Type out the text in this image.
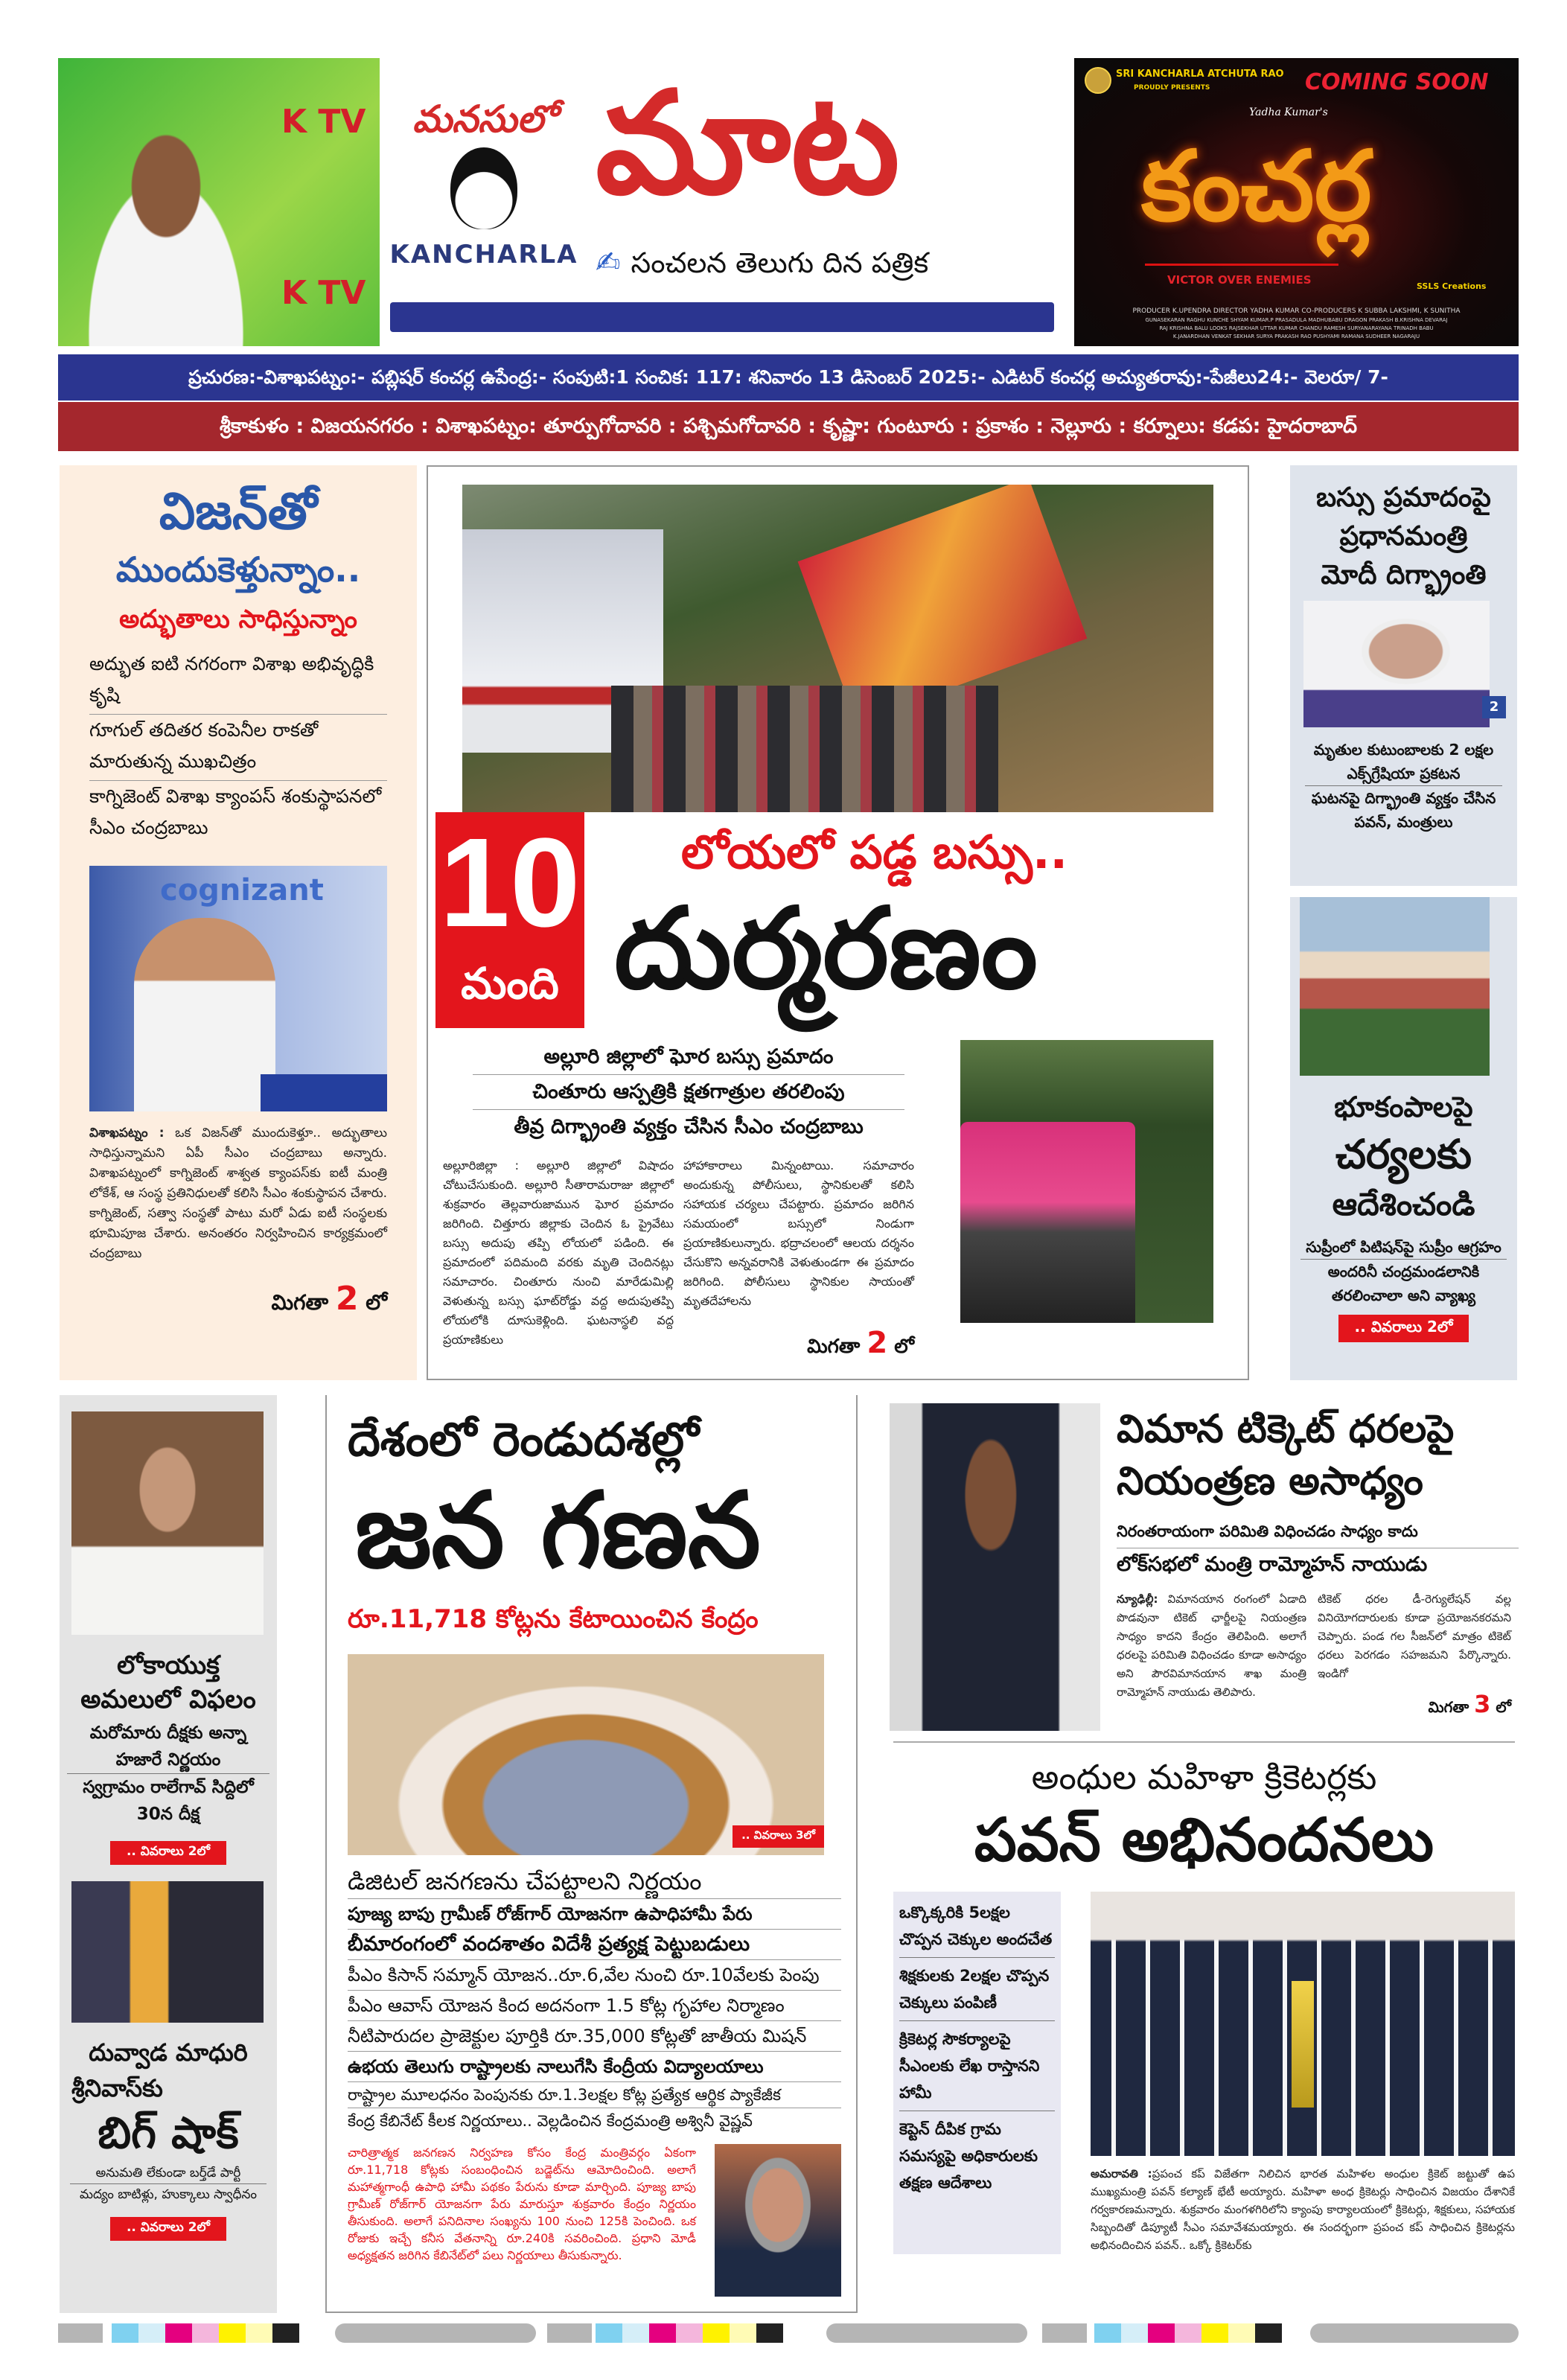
K TV
K TV
మనసులో
KANCHARLA
మాట
✍ సంచలన తెలుగు దిన పత్రిక
SRI KANCHARLA ATCHUTA RAO
PROUDLY PRESENTS	COMING SOON
Yadha Kumar's
కంచర్ల
VICTOR OVER ENEMIES	SSLS Creations
PRODUCER K.UPENDRA DIRECTOR YADHA KUMAR CO-PRODUCERS K SUBBA LAKSHMI, K SUNITHA
GUNASEKARAN RAGHU KUNCHE SHYAM KUMAR.P PRASADULA MADHUBABU DRAGON PRAKASH B.KRISHNA DEVARAJ
RAJ KRISHNA BALU LOOKS RAJSEKHAR UTTAR KUMAR CHANDU RAMESH SURYANARAYANA TRINADH BABU
K.JANARDHAN VENKAT SEKHAR SURYA PRAKASH RAO PUSHYAMI RAMANA SUDHEER NAGARAJU
ప్రచురణ:-విశాఖపట్నం:- పబ్లిషర్ కంచర్ల ఉపేంద్ర:- సంపుటి:1 సంచిక: 117: శనివారం 13 డిసెంబర్ 2025:- ఎడిటర్ కంచర్ల అచ్యుతరావు:-పేజీలు24:- వెలరూ/ 7-
శ్రీకాకుళం : విజయనగరం : విశాఖపట్నం: తూర్పుగోదావరి : పశ్చిమగోదావరి : కృష్ణా: గుంటూరు : ప్రకాశం : నెల్లూరు : కర్నూలు: కడప: హైదరాబాద్
విజన్‌తో
ముందుకెళ్తున్నాం..
అద్భుతాలు సాధిస్తున్నాం
అద్భుత ఐటి నగరంగా విశాఖ అభివృద్ధికి కృషి
గూగుల్ తదితర కంపెనీల రాకతో మారుతున్న ముఖచిత్రం
కాగ్నిజెంట్ విశాఖ క్యాంపస్ శంకుస్థాపనలో సీఎం చంద్రబాబు
cognizant
విశాఖపట్నం : ఒక విజన్‌తో ముందుకెళ్తూ.. అద్భుతాలు సాధిస్తున్నామని ఏపీ సీఎం చంద్రబాబు అన్నారు. విశాఖపట్నంలో కాగ్నిజెంట్ శాశ్వత క్యాంపస్‌కు ఐటీ మంత్రి లోకేశ్, ఆ సంస్థ ప్రతినిధులతో కలిసి సీఎం శంకుస్థాపన చేశారు. కాగ్నిజెంట్, సత్వా సంస్థతో పాటు మరో ఏడు ఐటీ సంస్థలకు భూమిపూజ చేశారు. అనంతరం నిర్వహించిన కార్యక్రమంలో చంద్రబాబు
మిగతా 2 లో
10
మంది
లోయలో పడ్డ బస్సు..
దుర్మరణం
అల్లూరి జిల్లాలో ఘోర బస్సు ప్రమాదం
చింతూరు ఆస్పత్రికి క్షతగాత్రుల తరలింపు
తీవ్ర దిగ్భ్రాంతి వ్యక్తం చేసిన సీఎం చంద్రబాబు
అల్లూరిజిల్లా : అల్లూరి జిల్లాలో విషాదం చోటుచేసుకుంది. అల్లూరి సీతారామరాజు జిల్లాలో శుక్రవారం తెల్లవారుజామున ఘోర ప్రమాదం జరిగింది. చిత్తూరు జిల్లాకు చెందిన ఓ ప్రైవేటు బస్సు అదుపు తప్పి లోయలో పడింది. ఈ ప్రమాదంలో పదిమంది వరకు మృతి చెందినట్లు సమాచారం. చింతూరు నుంచి మారేడుమిల్లి వెళుతున్న బస్సు ఘాట్‌రోడ్డు వద్ద అదుపుతప్పి లోయలోకి దూసుకెళ్లింది. ఘటనాస్థలి వద్ద ప్రయాణికులు
హాహాకారాలు మిన్నంటాయి. సమాచారం అందుకున్న పోలీసులు, స్థానికులతో కలిసి సహాయక చర్యలు చేపట్టారు. ప్రమాదం జరిగిన సమయంలో బస్సులో నిండుగా ప్రయాణికులున్నారు. భద్రాచలంలో ఆలయ దర్శనం చేసుకొని అన్నవరానికి వెళుతుండగా ఈ ప్రమాదం జరిగింది. పోలీసులు స్థానికుల సాయంతో మృతదేహాలను
మిగతా 2 లో
బస్సు ప్రమాదంపై
ప్రధానమంత్రి
మోదీ దిగ్భ్రాంతి
2
మృతుల కుటుంబాలకు 2 లక్షల ఎక్స్‌గ్రేషియా ప్రకటన
ఘటనపై దిగ్భ్రాంతి వ్యక్తం చేసిన పవన్, మంత్రులు
భూకంపాలపై
చర్యలకు
ఆదేశించండి
సుప్రీంలో పిటిషన్‌పై సుప్రీం ఆగ్రహం
అందరినీ చంద్రమండలానికి తరలించాలా అని వ్యాఖ్య
.. వివరాలు 2లో
లోకాయుక్త
అమలులో విఫలం
మరోమారు దీక్షకు అన్నా హజారే నిర్ణయం
స్వగ్రామం రాలేగావ్ సిద్దిలో 30న దీక్ష
.. వివరాలు 2లో
దువ్వాడ మాధురి
శ్రీనివాస్‌కు
బిగ్ షాక్
అనుమతి లేకుండా బర్త్‌డే పార్టీ
మద్యం బాటిళ్లు, హుక్కాలు స్వాధీనం
.. వివరాలు 2లో
దేశంలో రెండుదశల్లో
జన గణన
రూ.11,718 కోట్లను కేటాయించిన కేంద్రం
.. వివరాలు 3లో
డిజిటల్ జనగణను చేపట్టాలని నిర్ణయం
పూజ్య బాపు గ్రామీణ్ రోజ్‌గార్ యోజనగా ఉపాధిహామీ పేరు
బీమారంగంలో వందశాతం విదేశీ ప్రత్యక్ష పెట్టుబడులు
పీఎం కిసాన్ సమ్మాన్ యోజన..రూ.6,వేల నుంచి రూ.10వేలకు పెంపు
పీఎం ఆవాస్ యోజన కింద అదనంగా 1.5 కోట్ల గృహాల నిర్మాణం
నీటిపారుదల ప్రాజెక్టుల పూర్తికి రూ.35,000 కోట్లతో జాతీయ మిషన్
ఉభయ తెలుగు రాష్ట్రాలకు నాలుగేసి కేంద్రీయ విద్యాలయాలు
రాష్ట్రాల మూలధనం పెంపునకు రూ.1.3లక్షల కోట్ల ప్రత్యేక ఆర్థిక ప్యాకేజీక
కేంద్ర కేబినేట్ కీలక నిర్ణయాలు.. వెల్లడించిన కేంద్రమంత్రి అశ్వినీ వైష్ణవ్
చారిత్రాత్మక జనగణన నిర్వహణ కోసం కేంద్ర మంత్రివర్గం ఏకంగా రూ.11,718 కోట్లకు సంబంధించిన బడ్జెట్‌ను ఆమోదించింది. అలాగే మహాత్మగాంధీ ఉపాధి హామీ పథకం పేరును కూడా మార్చింది. పూజ్య బాపు గ్రామీణ్ రోజ్‌గార్ యోజనగా పేరు మారుస్తూ శుక్రవారం కేంద్రం నిర్ణయం తీసుకుంది. అలాగే పనిదినాల సంఖ్యను 100 నుంచి 125కి పెంచింది. ఒక రోజుకు ఇచ్చే కనీస వేతనాన్ని రూ.240కి సవరించింది. ప్రధాని మోడీ అధ్యక్షతన జరిగిన కేబినేట్‌లో పలు నిర్ణయాలు తీసుకున్నారు.
విమాన టిక్కెట్ ధరలపై
నియంత్రణ అసాధ్యం
నిరంతరాయంగా పరిమితి విధించడం సాధ్యం కాదు
లోక్‌సభలో మంత్రి రామ్మోహన్ నాయుడు
న్యూఢిల్లీ: విమానయాన రంగంలో ఏడాది పొడవునా టికెట్ ఛార్జీలపై నియంత్రణ సాధ్యం కాదని కేంద్రం తెలిపింది. అలాగే ధరలపై పరిమితి విధించడం కూడా అసాధ్యం అని పౌరవిమానయాన శాఖ మంత్రి రామ్మోహన్ నాయుడు తెలిపారు.
టికెట్ ధరల డీ-రెగ్యులేషన్ వల్ల వినియోగదారులకు కూడా ప్రయోజనకరమని చెప్పారు. పండ గల సీజన్‌లో మాత్రం టికెట్ ధరలు పెరగడం సహజమని పేర్కొన్నారు. ఇండిగో
మిగతా 3 లో
అంధుల మహిళా క్రికెటర్లకు
పవన్ అభినందనలు
ఒక్కొక్కరికి 5లక్షల చొప్పన చెక్కుల అందచేత
శిక్షకులకు 2లక్షల చొప్పన చెక్కులు పంపిణీ
క్రికెటర్ల సౌకర్యాలపై సీఎంలకు లేఖ రాస్తానని హామీ
కెప్టెన్ దీపిక గ్రామ సమస్యపై అధికారులకు తక్షణ ఆదేశాలు	అమరావతి :ప్రపంచ కప్ విజేతగా నిలిచిన భారత మహిళల అంధుల క్రికెట్ జట్టుతో ఉప ముఖ్యమంత్రి పవన్ కల్యాణ్ భేటీ అయ్యారు. మహిళా అంధ క్రికెటర్లు సాధించిన విజయం దేశానికే గర్వకారణమన్నారు. శుక్రవారం మంగళగిరిలోని క్యాంపు కార్యాలయంలో క్రికెటర్లు, శిక్షకులు, సహాయక సిబ్బందితో డిప్యూటీ సీఎం సమావేశమయ్యారు. ఈ సందర్భంగా ప్రపంచ కప్ సాధించిన క్రికెటర్లను అభినందించిన పవన్.. ఒక్కో క్రికెటర్‌కు
